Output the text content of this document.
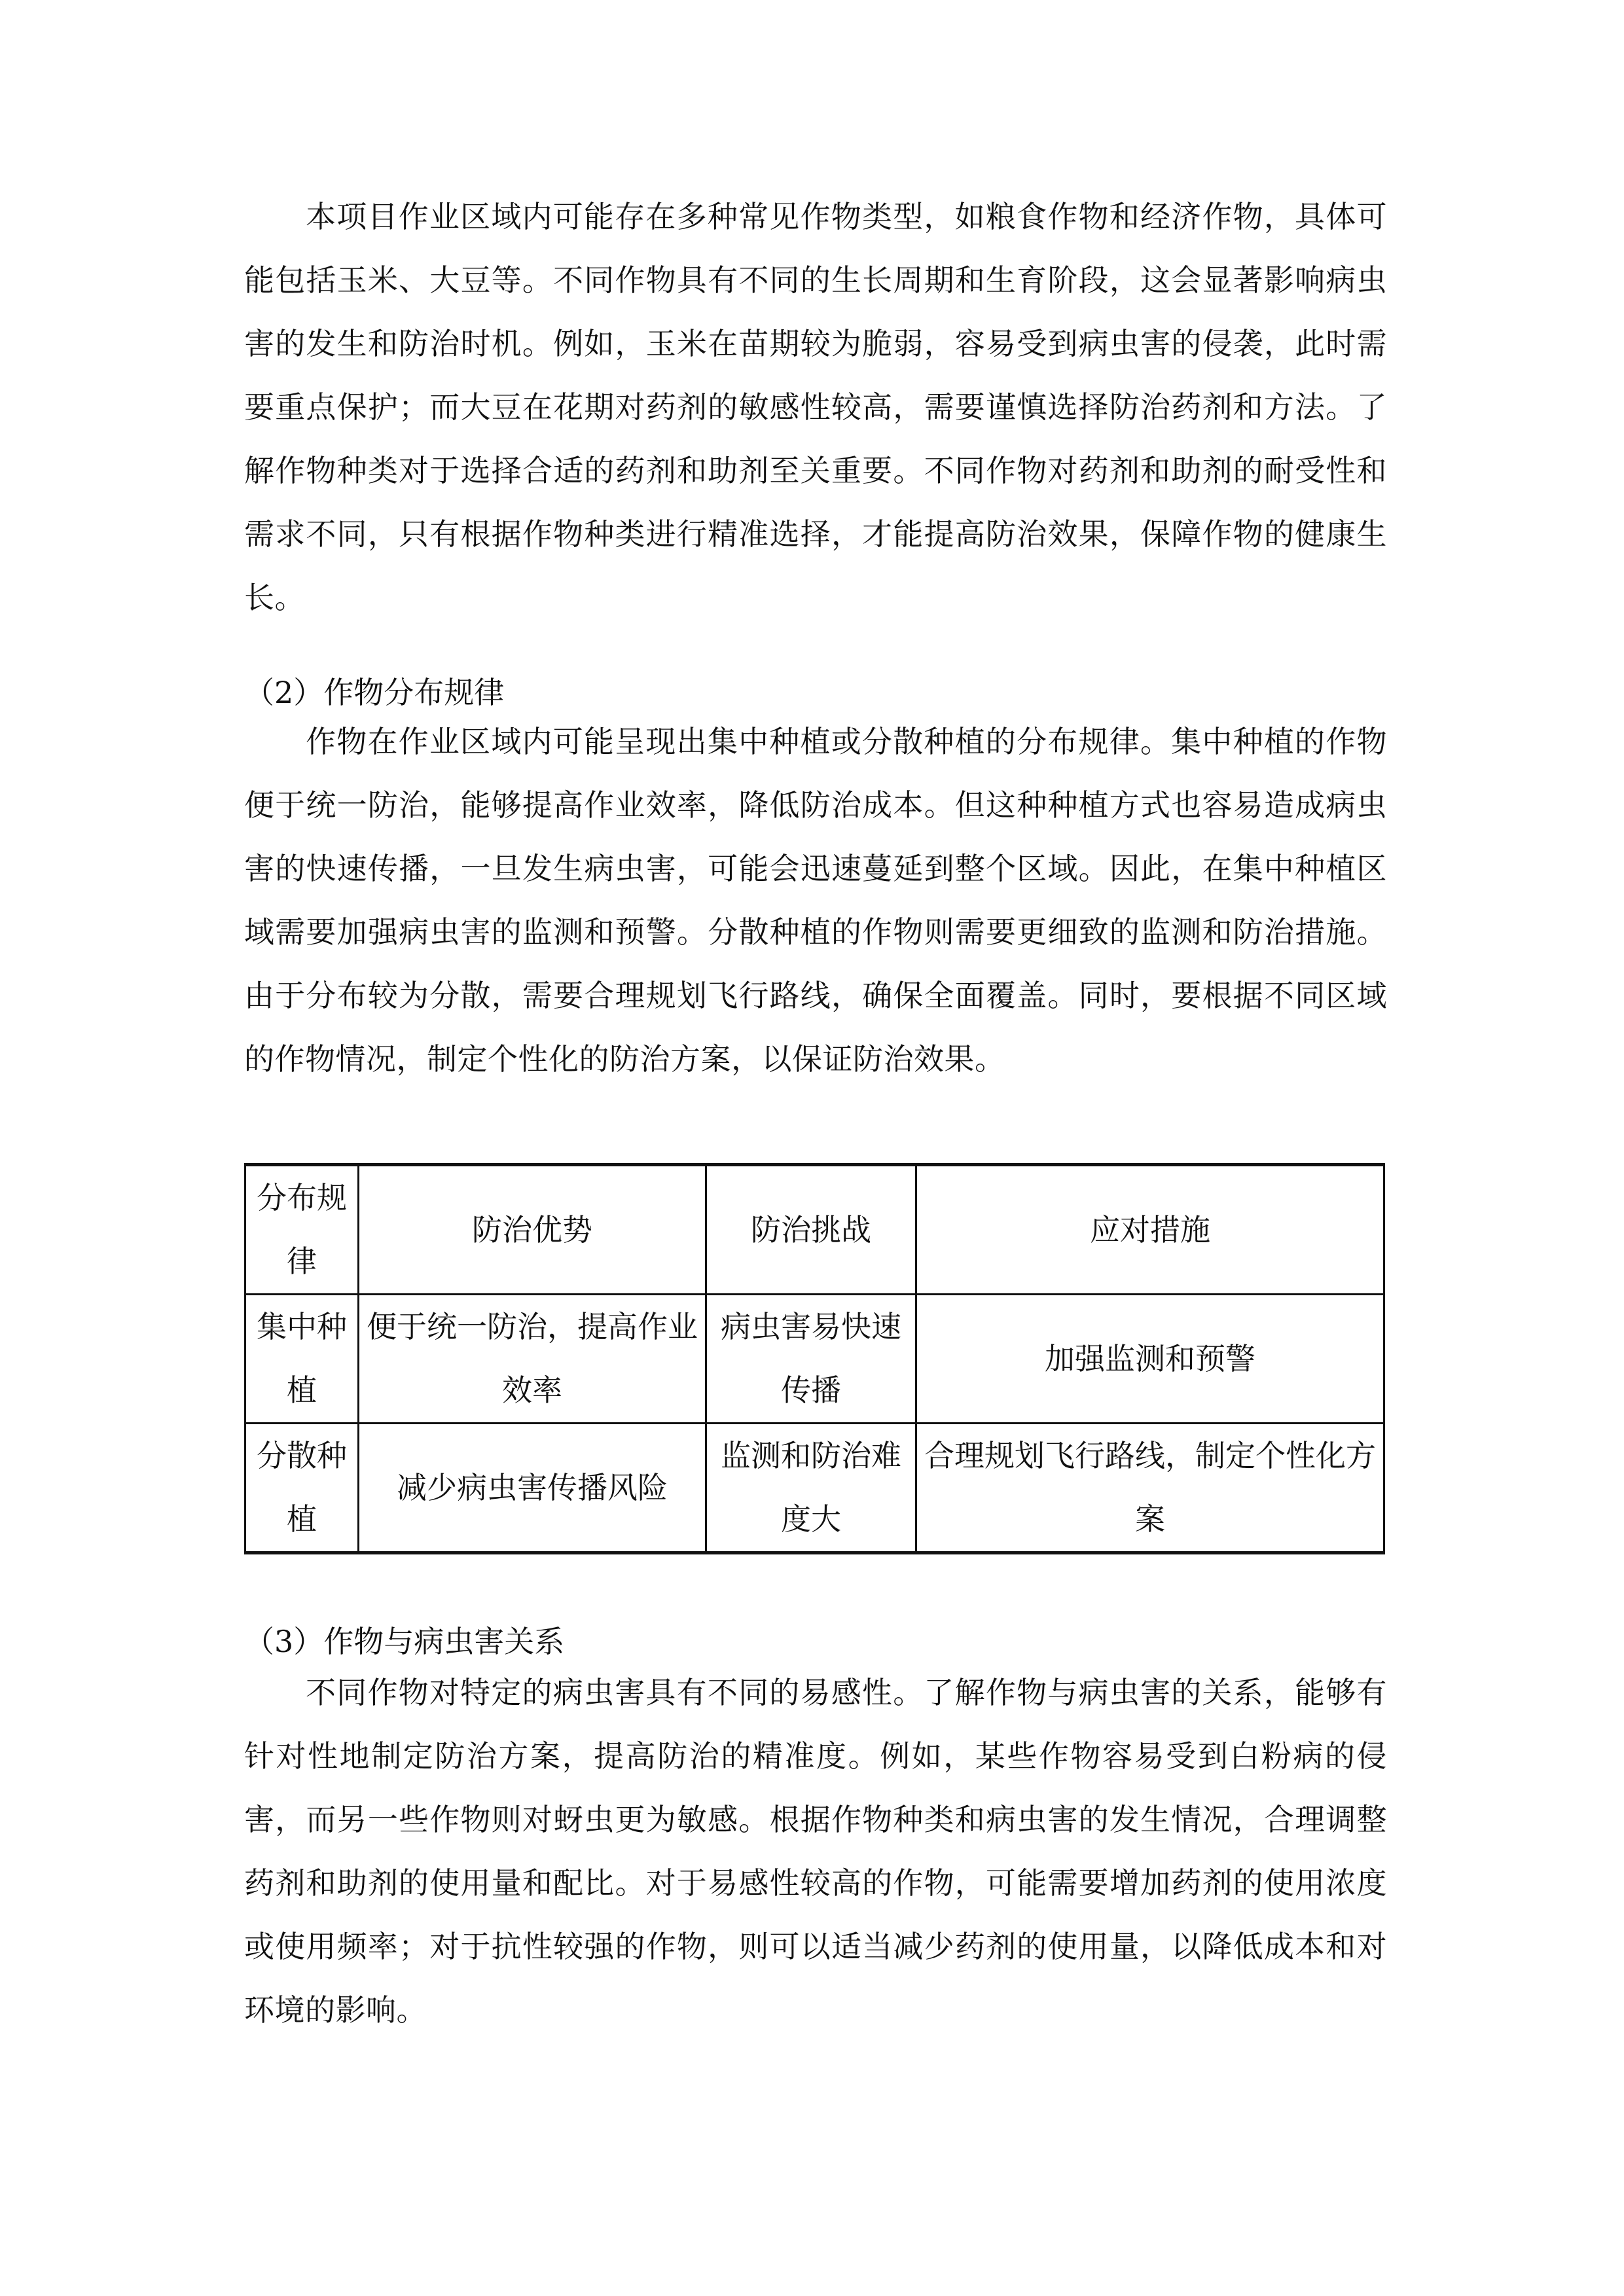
本项目作业区域内可能存在多种常见作物类型，如粮食作物和经济作物，具体可能包括玉米、大豆等。不同作物具有不同的生长周期和生育阶段，这会显著影响病虫害的发生和防治时机。例如，玉米在苗期较为脆弱，容易受到病虫害的侵袭，此时需要重点保护；而大豆在花期对药剂的敏感性较高，需要谨慎选择防治药剂和方法。了解作物种类对于选择合适的药剂和助剂至关重要。不同作物对药剂和助剂的耐受性和需求不同，只有根据作物种类进行精准选择，才能提高防治效果，保障作物的健康生长。

（2）作物分布规律

作物在作业区域内可能呈现出集中种植或分散种植的分布规律。集中种植的作物便于统一防治，能够提高作业效率，降低防治成本。但这种种植方式也容易造成病虫害的快速传播，一旦发生病虫害，可能会迅速蔓延到整个区域。因此，在集中种植区域需要加强病虫害的监测和预警。分散种植的作物则需要更细致的监测和防治措施。由于分布较为分散，需要合理规划飞行路线，确保全面覆盖。同时，要根据不同区域的作物情况，制定个性化的防治方案，以保证防治效果。

分布规律	防治优势	防治挑战	应对措施
集中种植	便于统一防治，提高作业效率	病虫害易快速传播	加强监测和预警
分散种植	减少病虫害传播风险	监测和防治难度大	合理规划飞行路线，制定个性化方案

（3）作物与病虫害关系

不同作物对特定的病虫害具有不同的易感性。了解作物与病虫害的关系，能够有针对性地制定防治方案，提高防治的精准度。例如，某些作物容易受到白粉病的侵害，而另一些作物则对蚜虫更为敏感。根据作物种类和病虫害的发生情况，合理调整药剂和助剂的使用量和配比。对于易感性较高的作物，可能需要增加药剂的使用浓度或使用频率；对于抗性较强的作物，则可以适当减少药剂的使用量，以降低成本和对环境的影响。
